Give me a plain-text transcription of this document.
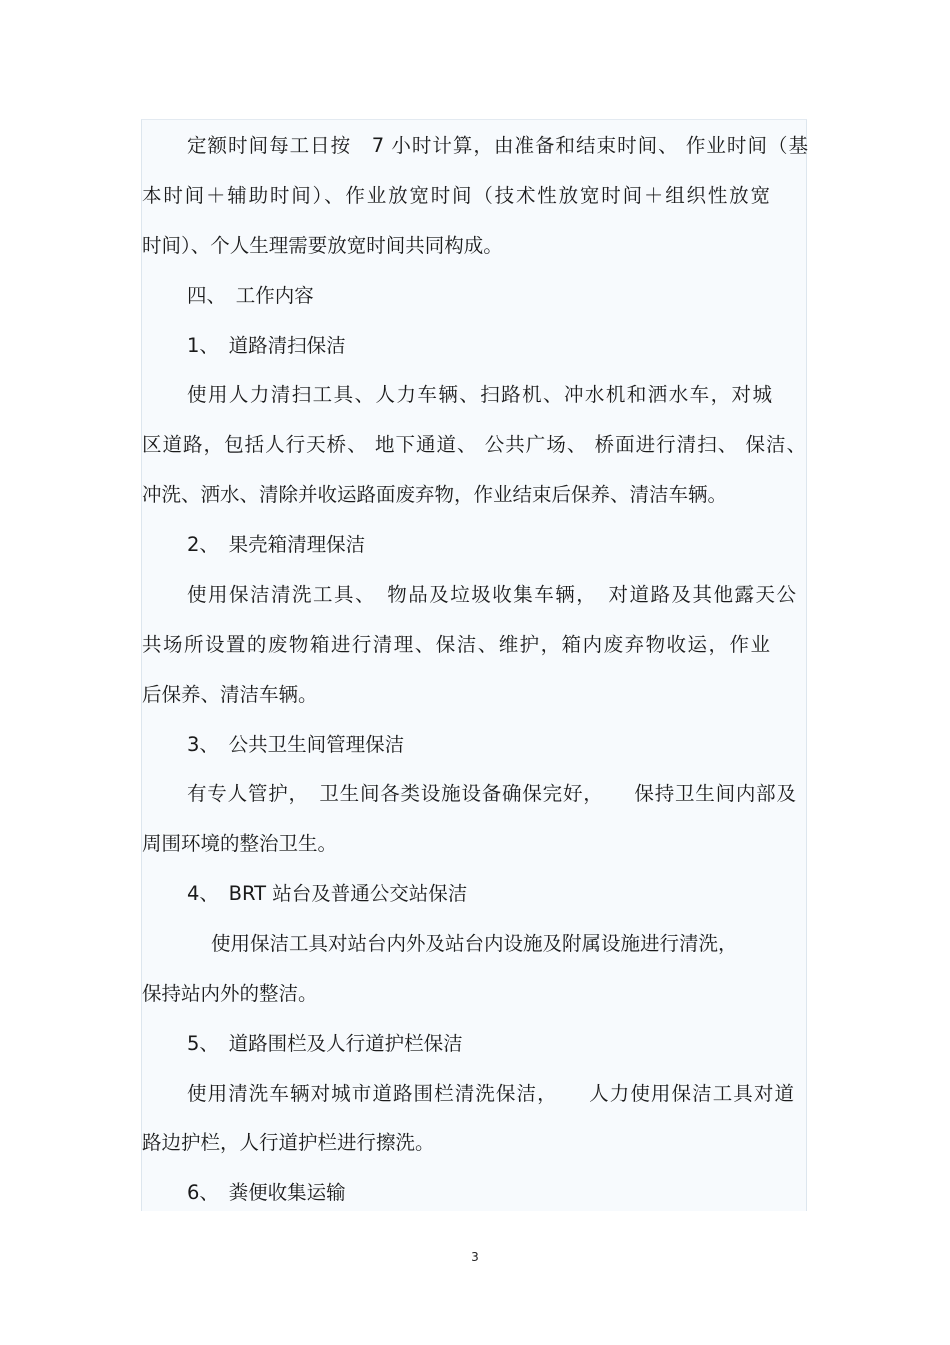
定额时间每工日按　7 小时计算，由准备和结束时间、 作业时间（基
本时间＋辅助时间）、作业放宽时间（技术性放宽时间＋组织性放宽
时间）、个人生理需要放宽时间共同构成。
四、　工作内容
1、　道路清扫保洁
使用人力清扫工具、人力车辆、扫路机、冲水机和洒水车，对城
区道路，包括人行天桥、 地下通道、 公共广场、 桥面进行清扫、 保洁、
冲洗、洒水、清除并收运路面废弃物，作业结束后保养、清洁车辆。
2、　果壳箱清理保洁
使用保洁清洗工具、　物品及垃圾收集车辆，　对道路及其他露天公
共场所设置的废物箱进行清理、保洁、维护，箱内废弃物收运，作业
后保养、清洁车辆。
3、　公共卫生间管理保洁
有专人管护，　卫生间各类设施设备确保完好，　　保持卫生间内部及
周围环境的整治卫生。
4、　BRT 站台及普通公交站保洁
使用保洁工具对站台内外及站台内设施及附属设施进行清洗，
保持站内外的整洁。
5、　道路围栏及人行道护栏保洁
使用清洗车辆对城市道路围栏清洗保洁，　　人力使用保洁工具对道
路边护栏，人行道护栏进行擦洗。
6、　粪便收集运输
3
